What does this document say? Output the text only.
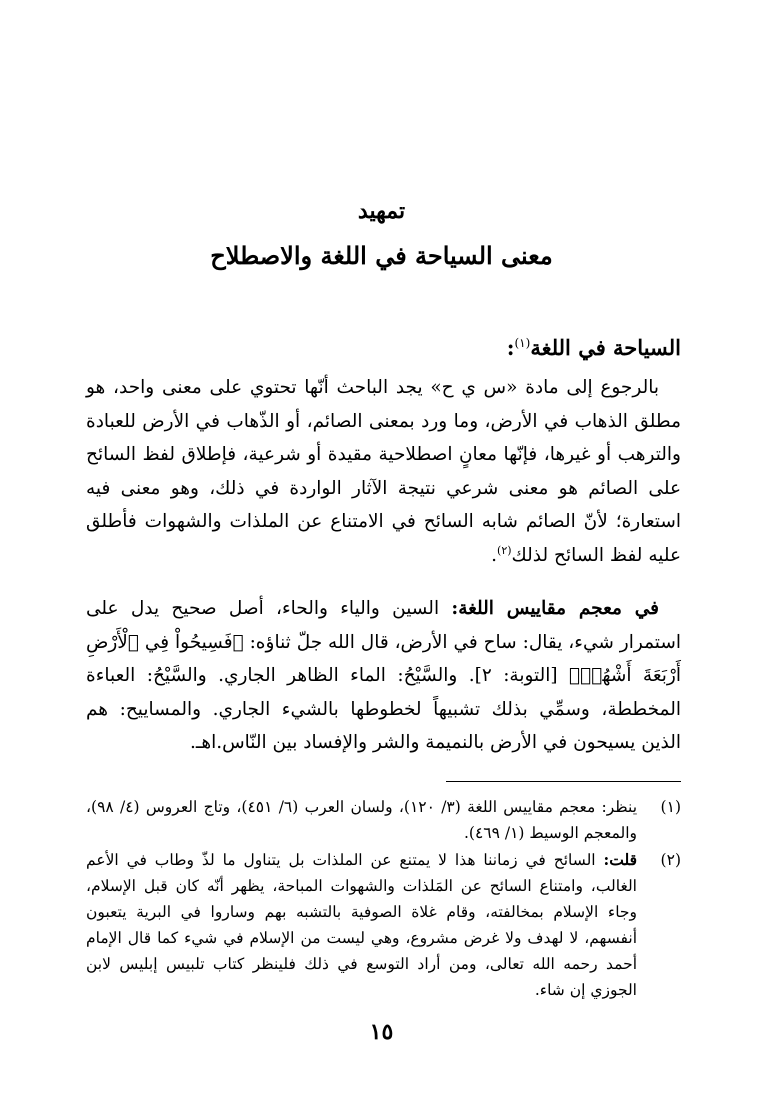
تمهيد
معنى السياحة في اللغة والاصطلاح
السياحة في اللغة$^{(١)}$:
بالرجوع إلى مادة «س ي ح» يجد الباحث أنّها تحتوي على معنى واحد، هو مطلق الذهاب في الأرض، وما ورد بمعنى الصائم، أو الذّهاب في الأرض للعبادة والترهب أو غيرها، فإنّها معانٍ اصطلاحية مقيدة أو شرعية، فإطلاق لفظ السائح على الصائم هو معنى شرعي نتيجة الآثار الواردة في ذلك، وهو معنى فيه استعارة؛ لأنّ الصائم شابه السائح في الامتناع عن الملذات والشهوات فأطلق عليه لفظ السائح لذلك$^{(٢)}$.
في معجم مقاييس اللغة: السين والياء والحاء، أصل صحيح يدل على استمرار شيء، يقال: ساح في الأرض، قال الله جلّ ثناؤه: ﴿فَسِيحُواْ فِي ٱلْأَرْضِ أَرْبَعَةَ أَشْهُرٖ﴾ [التوبة: ٢]. والسَّيْحُ: الماء الظاهر الجاري. والسَّيْحُ: العباءة المخططة، وسمِّي بذلك تشبيهاً لخطوطها بالشيء الجاري. والمساييح: هم الذين يسيحون في الأرض بالنميمة والشر والإفساد بين النّاس.اهـ.
(١)
ينظر: معجم مقاييس اللغة (٣/ ١٢٠)، ولسان العرب (٦/ ٤٥١)، وتاج العروس (٤/ ٩٨)، والمعجم الوسيط (١/ ٤٦٩).
(٢)
قلت: السائح في زماننا هذا لا يمتنع عن الملذات بل يتناول ما لذّ وطاب في الأعم الغالب، وامتناع السائح عن المَلذات والشهوات المباحة، يظهر أنّه كان قبل الإسلام، وجاء الإسلام بمخالفته، وقام غلاة الصوفية بالتشبه بهم وساروا في البرية يتعبون أنفسهم، لا لهدف ولا غرض مشروع، وهي ليست من الإسلام في شيء كما قال الإمام أحمد رحمه الله تعالى، ومن أراد التوسع في ذلك فلينظر كتاب تلبيس إبليس لابن الجوزي إن شاء.
١٥
